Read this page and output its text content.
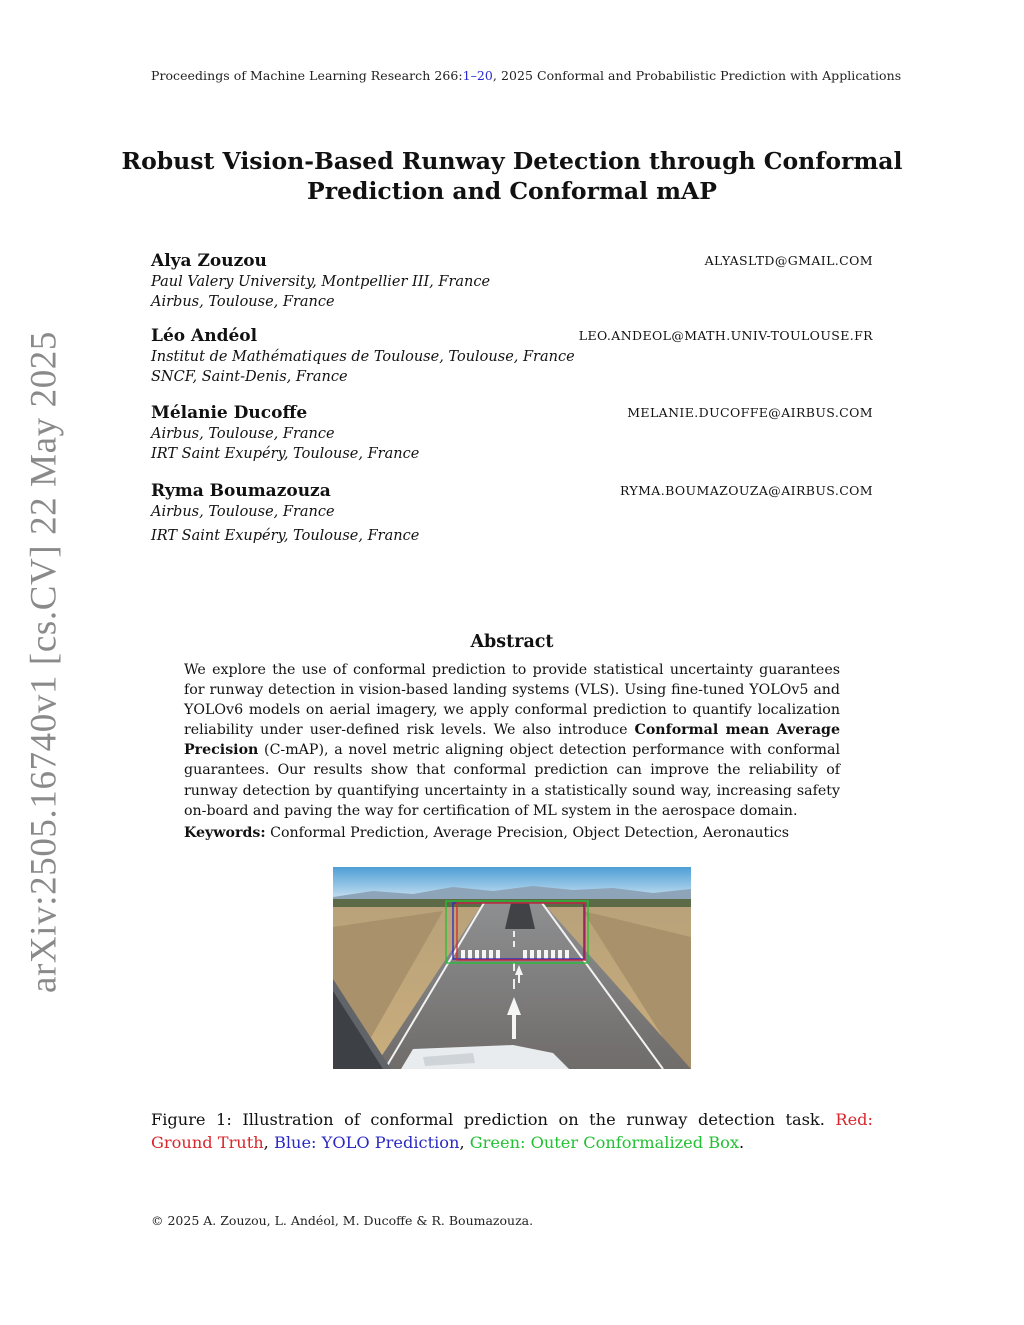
Proceedings of Machine Learning Research 266:1–20, 2025 Conformal and Probabilistic Prediction with Applications
arXiv:2505.16740v1 [cs.CV] 22 May 2025
Robust Vision-Based Runway Detection through Conformal
Prediction and Conformal mAP
Alya Zouzou	ALYASLTD@GMAIL.COM
Paul Valery University, Montpellier III, France
Airbus, Toulouse, France
Léo Andéol	LEO.ANDEOL@MATH.UNIV-TOULOUSE.FR
Institut de Mathématiques de Toulouse, Toulouse, France
SNCF, Saint-Denis, France
Mélanie Ducoffe	MELANIE.DUCOFFE@AIRBUS.COM
Airbus, Toulouse, France
IRT Saint Exupéry, Toulouse, France
Ryma Boumazouza	RYMA.BOUMAZOUZA@AIRBUS.COM
Airbus, Toulouse, France
IRT Saint Exupéry, Toulouse, France
Abstract
We explore the use of conformal prediction to provide statistical uncertainty guarantees for runway detection in vision-based landing systems (VLS). Using fine-tuned YOLOv5 and YOLOv6 models on aerial imagery, we apply conformal prediction to quantify localization reliability under user-defined risk levels. We also introduce Conformal mean Average Precision (C-mAP), a novel metric aligning object detection performance with conformal guarantees. Our results show that conformal prediction can improve the reliability of runway detection by quantifying uncertainty in a statistically sound way, increasing safety on-board and paving the way for certification of ML system in the aerospace domain.
Keywords: Conformal Prediction, Average Precision, Object Detection, Aeronautics
Figure 1: Illustration of conformal prediction on the runway detection task. Red: Ground Truth, Blue: YOLO Prediction, Green: Outer Conformalized Box.
© 2025 A. Zouzou, L. Andéol, M. Ducoffe & R. Boumazouza.
